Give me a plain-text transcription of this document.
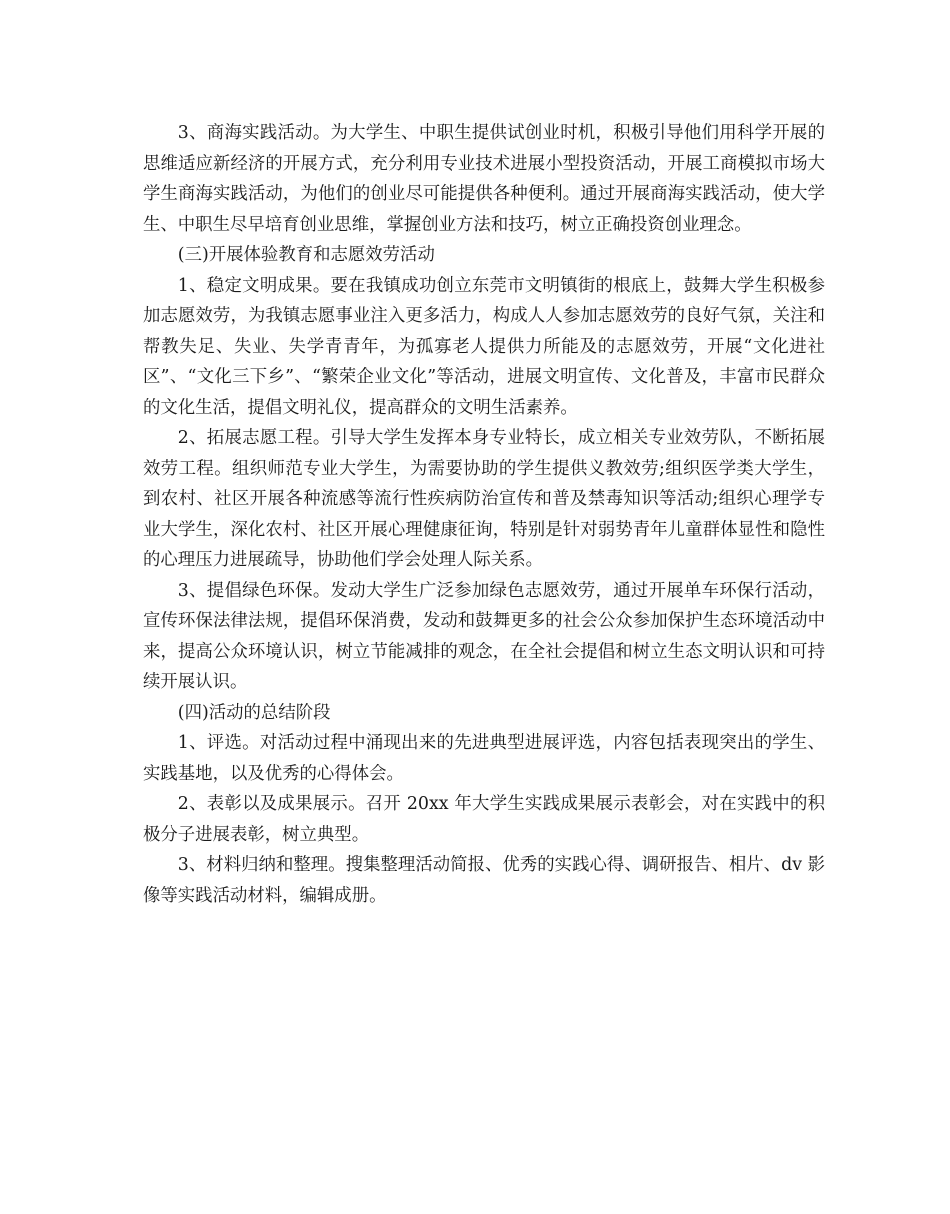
3、商海实践活动。为大学生、中职生提供试创业时机，积极引导他们用科学开展的思维适应新经济的开展方式，充分利用专业技术进展小型投资活动，开展工商模拟市场大学生商海实践活动，为他们的创业尽可能提供各种便利。通过开展商海实践活动，使大学生、中职生尽早培育创业思维，掌握创业方法和技巧，树立正确投资创业理念。

(三)开展体验教育和志愿效劳活动

1、稳定文明成果。要在我镇成功创立东莞市文明镇街的根底上，鼓舞大学生积极参加志愿效劳，为我镇志愿事业注入更多活力，构成人人参加志愿效劳的良好气氛，关注和帮教失足、失业、失学青青年，为孤寡老人提供力所能及的志愿效劳，开展“文化进社区”、“文化三下乡”、“繁荣企业文化”等活动，进展文明宣传、文化普及，丰富市民群众的文化生活，提倡文明礼仪，提高群众的文明生活素养。

2、拓展志愿工程。引导大学生发挥本身专业特长，成立相关专业效劳队，不断拓展效劳工程。组织师范专业大学生，为需要协助的学生提供义教效劳;组织医学类大学生，到农村、社区开展各种流感等流行性疾病防治宣传和普及禁毒知识等活动;组织心理学专业大学生，深化农村、社区开展心理健康征询，特别是针对弱势青年儿童群体显性和隐性的心理压力进展疏导，协助他们学会处理人际关系。

3、提倡绿色环保。发动大学生广泛参加绿色志愿效劳，通过开展单车环保行活动，宣传环保法律法规，提倡环保消费，发动和鼓舞更多的社会公众参加保护生态环境活动中来，提高公众环境认识，树立节能减排的观念，在全社会提倡和树立生态文明认识和可持续开展认识。

(四)活动的总结阶段

1、评选。对活动过程中涌现出来的先进典型进展评选，内容包括表现突出的学生、实践基地，以及优秀的心得体会。

2、表彰以及成果展示。召开 20xx 年大学生实践成果展示表彰会，对在实践中的积极分子进展表彰，树立典型。

3、材料归纳和整理。搜集整理活动简报、优秀的实践心得、调研报告、相片、dv 影像等实践活动材料，编辑成册。
